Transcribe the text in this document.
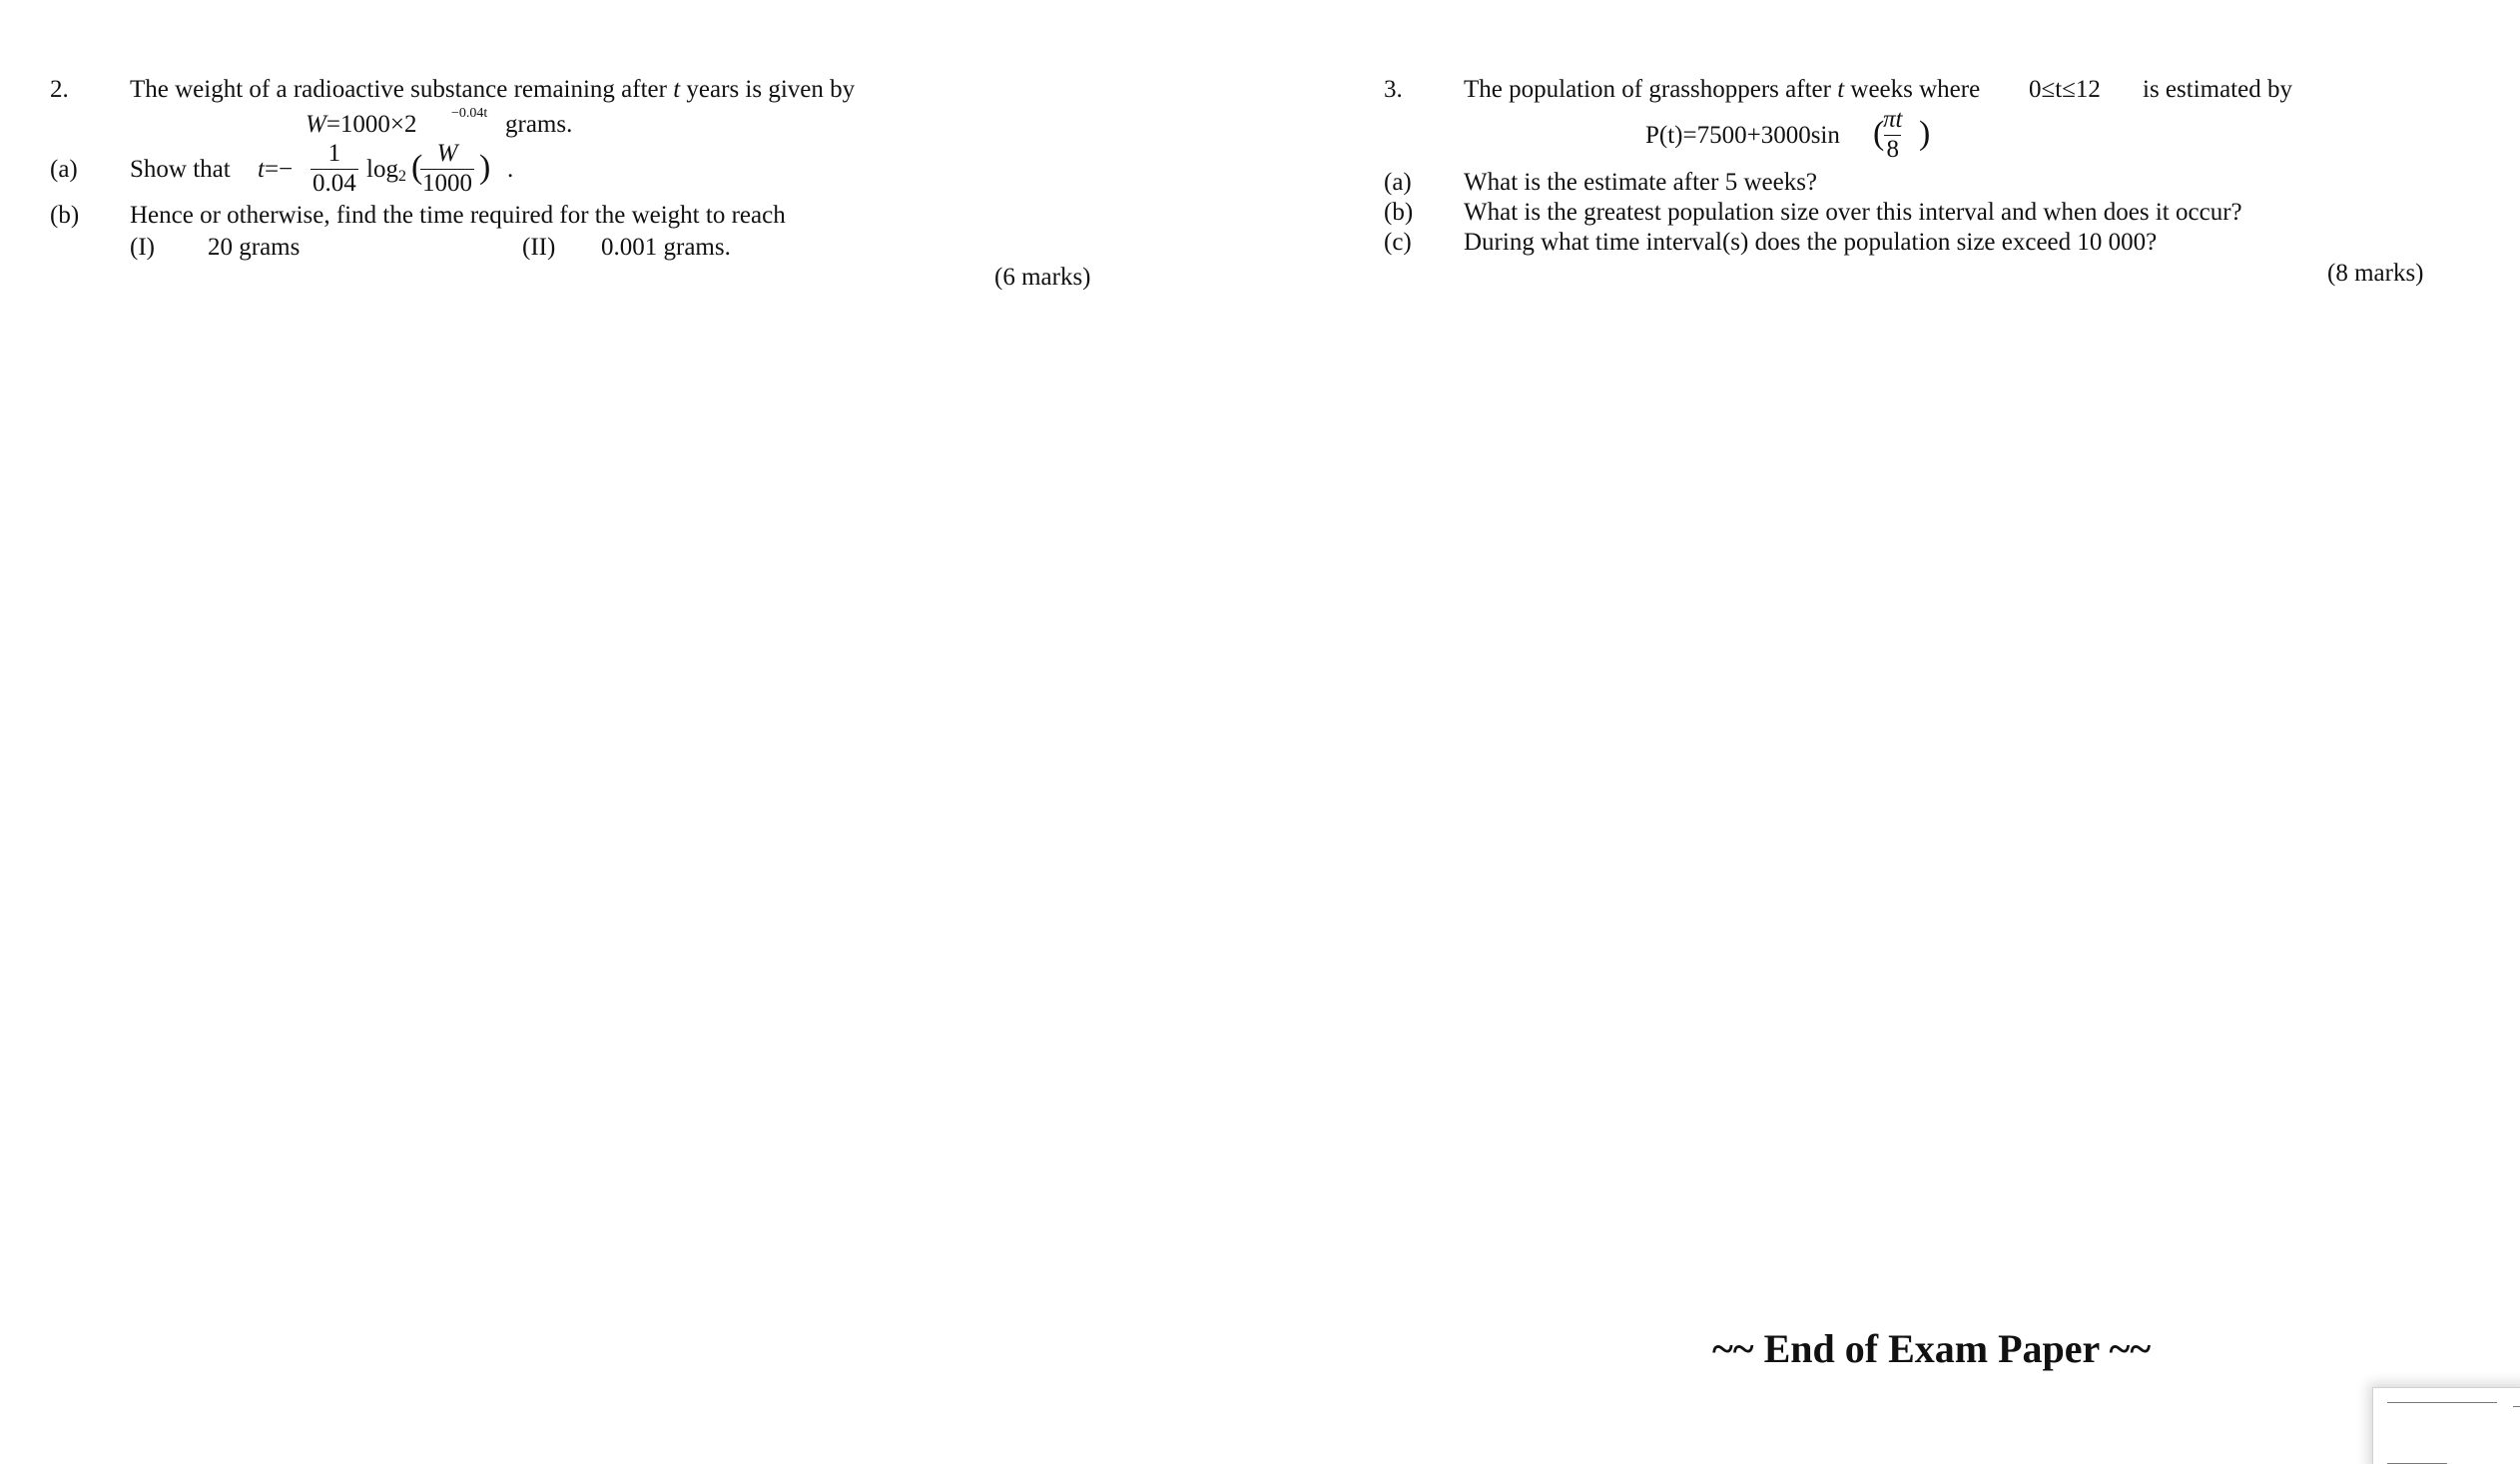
2. The weight of a radioactive substance remaining after t years is given by
W=1000×2 −0.04t grams.
(a) Show that $t=- \frac{1}{0.04} \log_2$ (
$\frac{W}{1000}$ ) .
(b) Hence or otherwise, find the time required for the weight to reach
(I) 20 grams	(II) 0.001 grams.
(6 marks)
3. The population of grasshoppers after t weeks where 0≤t≤12 is estimated by
P(t)=7500+3000sin (
$\frac{\pi t}{8}$ )
(a) What is the estimate after 5 weeks?
(b) What is the greatest population size over this interval and when does it occur?
(c) During what time interval(s) does the population size exceed 10 000?
(8 marks)
~~ End of Exam Paper ~~
